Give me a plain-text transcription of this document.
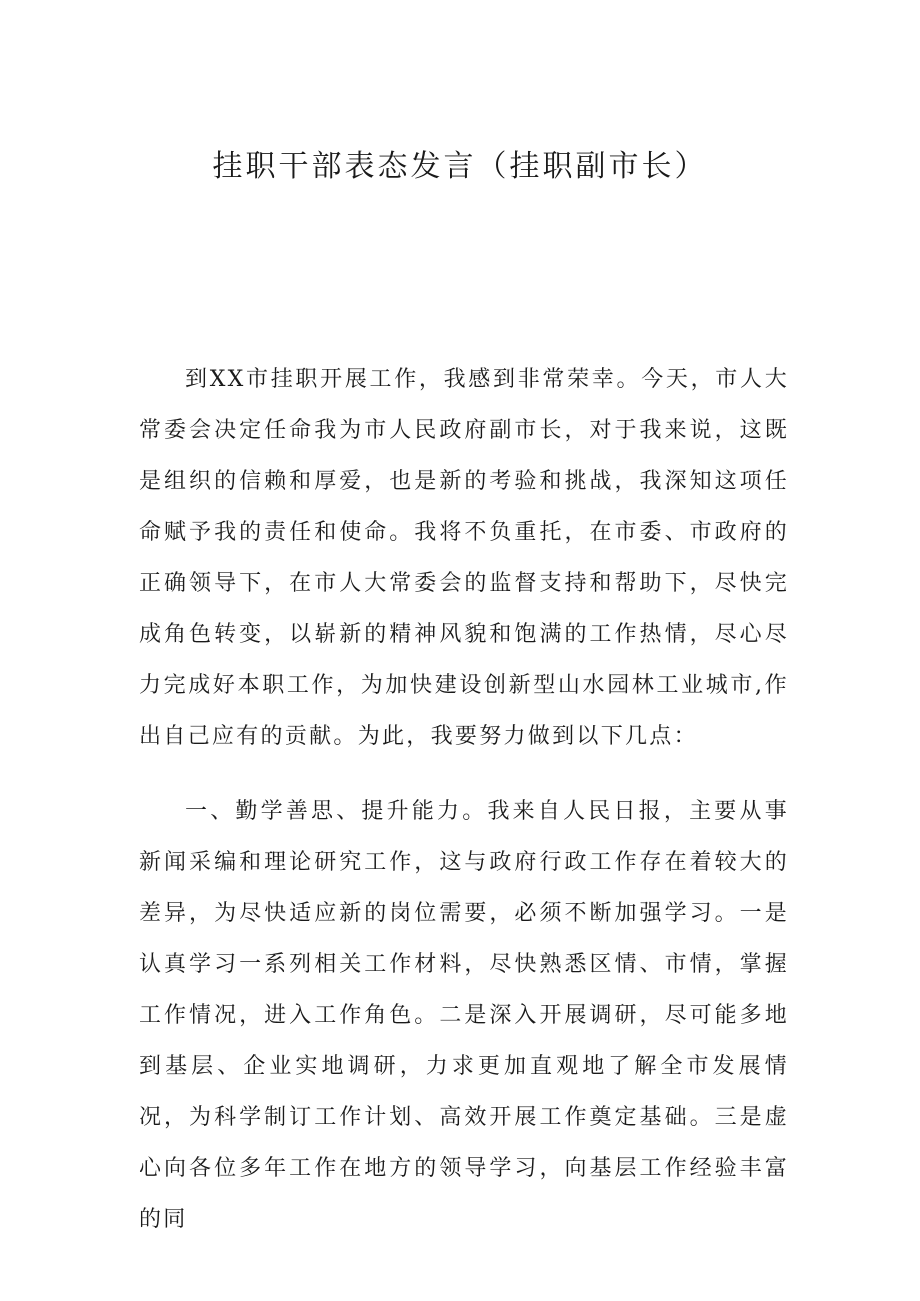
挂职干部表态发言（挂职副市长）

到XX市挂职开展工作，我感到非常荣幸。今天，市人大常委会决定任命我为市人民政府副市长，对于我来说，这既是组织的信赖和厚爱，也是新的考验和挑战，我深知这项任命赋予我的责任和使命。我将不负重托，在市委、市政府的正确领导下，在市人大常委会的监督支持和帮助下，尽快完成角色转变，以崭新的精神风貌和饱满的工作热情，尽心尽力完成好本职工作，为加快建设创新型山水园林工业城市,作出自己应有的贡献。为此，我要努力做到以下几点：

一、勤学善思、提升能力。我来自人民日报，主要从事新闻采编和理论研究工作，这与政府行政工作存在着较大的差异，为尽快适应新的岗位需要，必须不断加强学习。一是认真学习一系列相关工作材料，尽快熟悉区情、市情，掌握工作情况，进入工作角色。二是深入开展调研，尽可能多地到基层、企业实地调研，力求更加直观地了解全市发展情况，为科学制订工作计划、高效开展工作奠定基础。三是虚心向各位多年工作在地方的领导学习，向基层工作经验丰富的同
